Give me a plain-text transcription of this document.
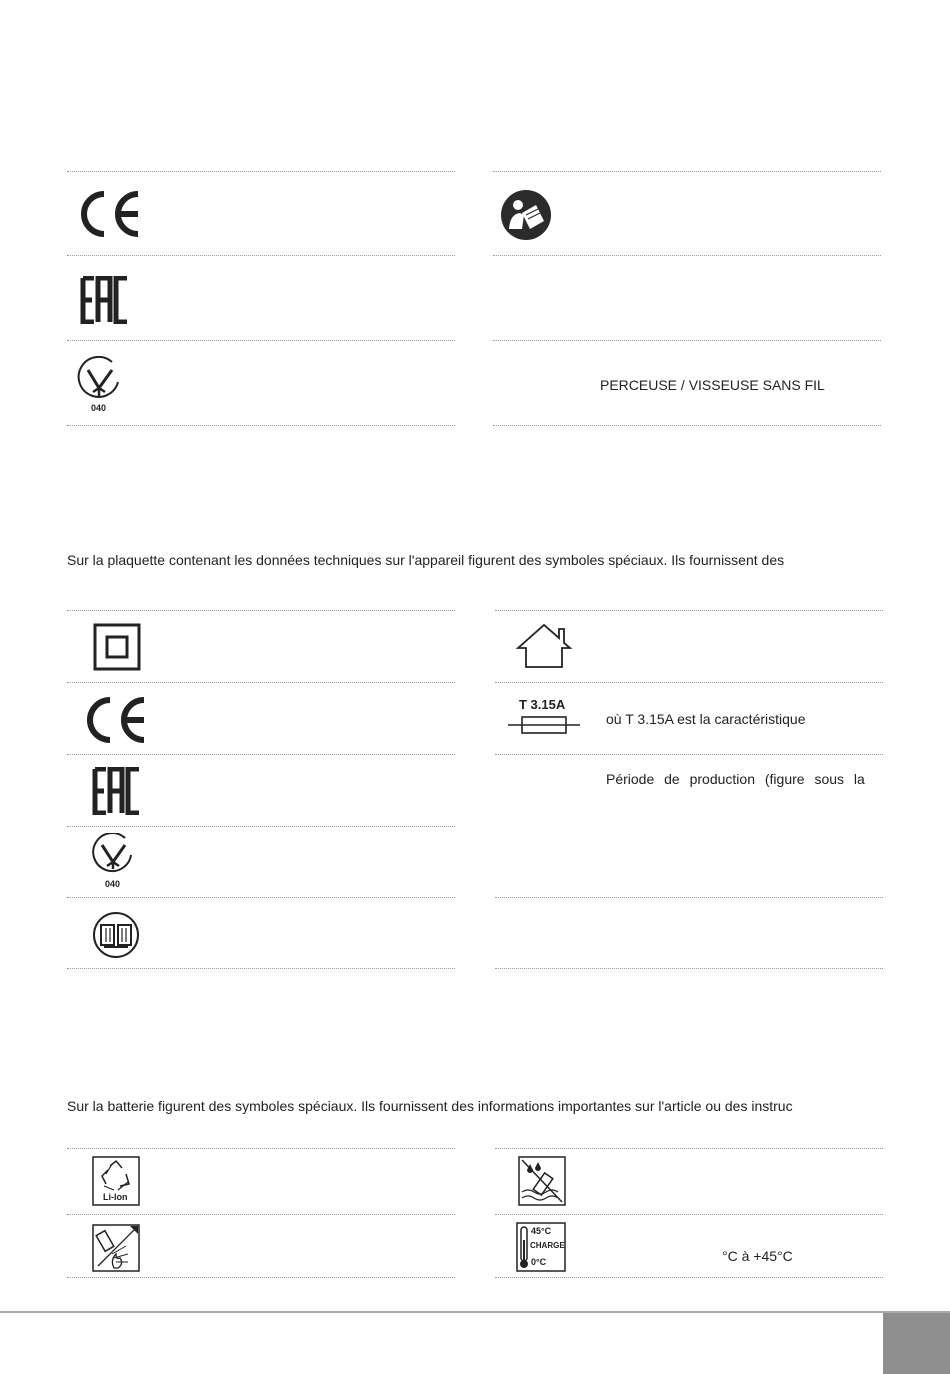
040
PERCEUSE / VISSEUSE SANS FIL
Sur la plaquette contenant les données techniques sur l'appareil figurent des symboles spéciaux. Ils fournissent des
T 3.15A
où T 3.15A est la caractéristique
Période de production (figure sous la
040
Sur la batterie figurent des symboles spéciaux. Ils fournissent des informations importantes sur l'article ou des instruc
Li-Ion
45°C
CHARGE
0°C	°C à +45°C
